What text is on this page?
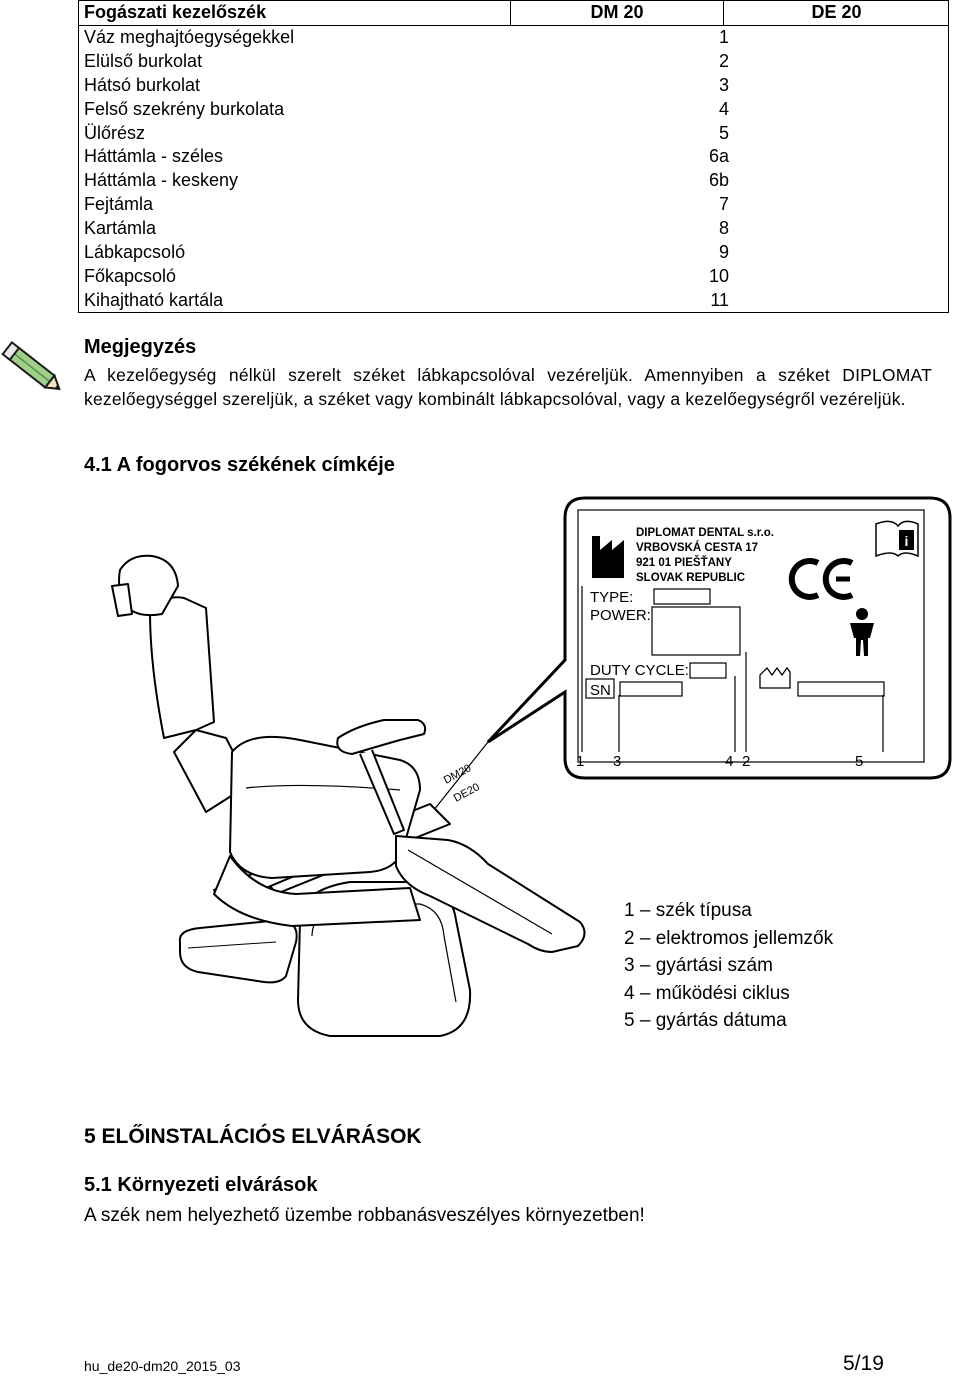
Fogászati kezelőszék	DM 20	DE 20
Váz meghajtóegységekkel	1	
Elülső burkolat	2	
Hátsó burkolat	3	
Felső szekrény burkolata	4	
Ülőrész	5	
Háttámla - széles	6a	
Háttámla - keskeny	6b	
Fejtámla	7	
Kartámla	8	
Lábkapcsoló	9	
Főkapcsoló	10	
Kihajtható kartála	11	
Megjegyzés
A kezelőegység nélkül szerelt széket lábkapcsolóval vezéreljük. Amennyiben a széket DIPLOMAT kezelőegységgel szereljük, a széket vagy kombinált lábkapcsolóval, vagy a kezelőegységről vezéreljük.
4.1 A fogorvos székének címkéje
DIPLOMAT DENTAL s.r.o.
VRBOVSKÁ CESTA 17
921 01 PIEŠŤANY
SLOVAK REPUBLIC
i
TYPE:
POWER:
DUTY CYCLE:
SN
1 3	4 2	5
DM20
DE20
1 – szék típusa
2 – elektromos jellemzők
3 – gyártási szám
4 – működési ciklus
5 – gyártás dátuma
5 ELŐINSTALÁCIÓS ELVÁRÁSOK
5.1 Környezeti elvárások
A szék nem helyezhető üzembe robbanásveszélyes környezetben!
hu_de20-dm20_2015_03	5/19
